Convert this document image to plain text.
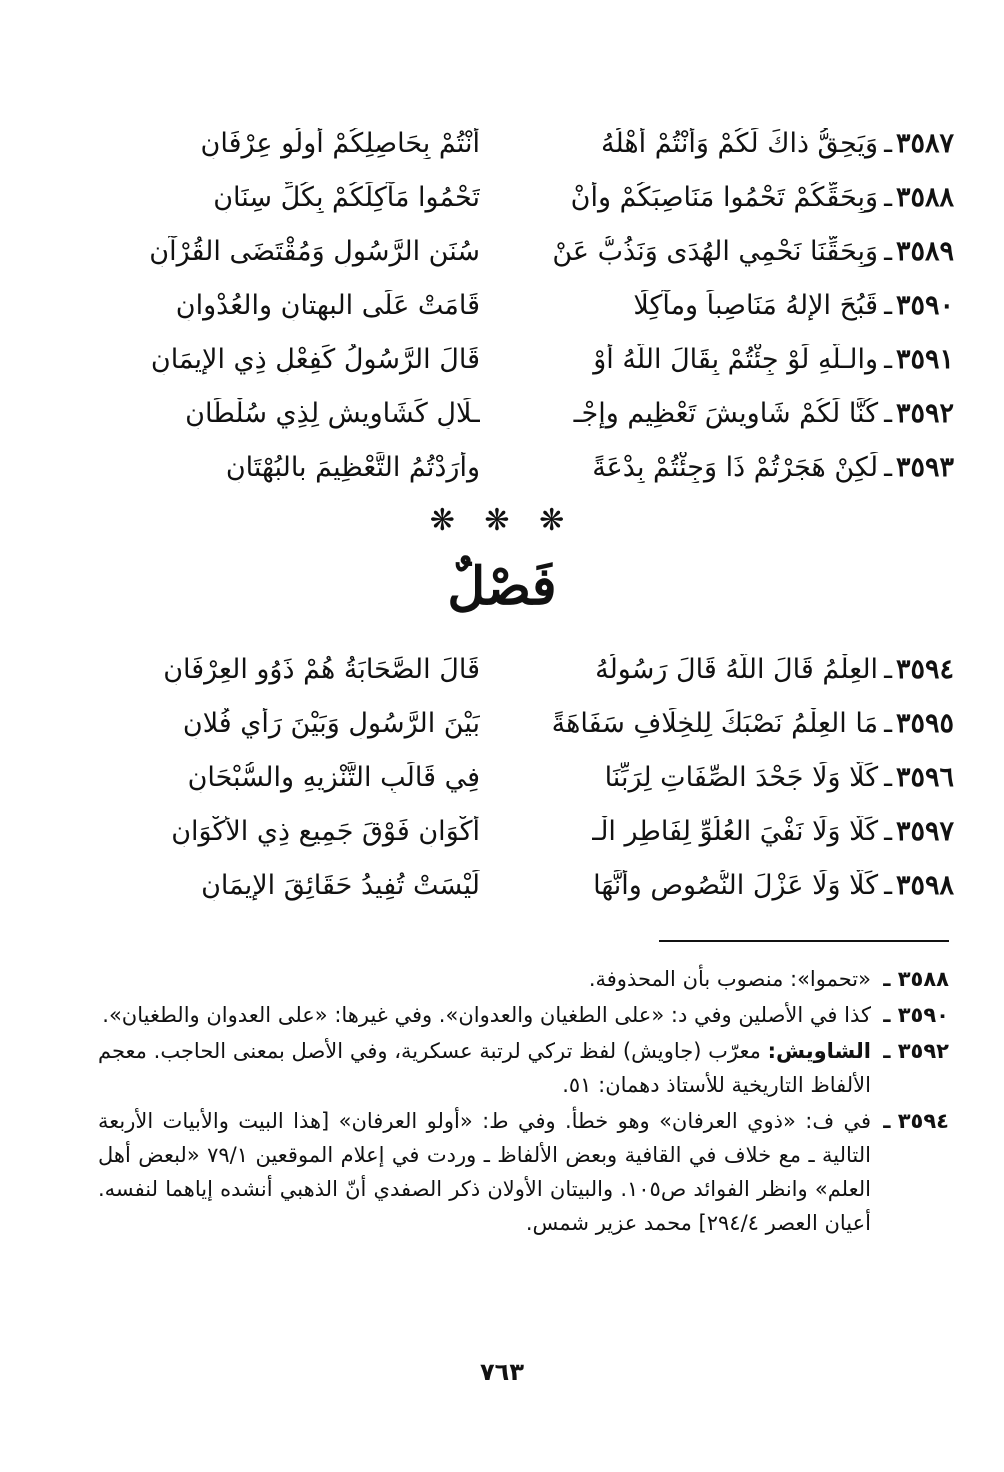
٣٥٨٧
ـ
وَيَحِقُّ ذاكَ لَكُمْ وَأَنْتُمْ أَهْلُهُ
أَنْتُمْ بِحَاصِلِكُمْ أولُو عِرْفَانِ
٣٥٨٨
ـ
وَبِحَقِّكُمْ تَحْمُوا مَنَاصِبَكُمْ وأنْ
تَحْمُوا مَآكِلَكُمْ بِكُلِّ سِنَانِ
٣٥٨٩
ـ
وَبِحَقِّنَا نَحْمِي الهُدَى وَنَذُبُّ عَنْ
سُنَنِ الرَّسُولِ وَمُقْتَضَى القُرْآنِ
٣٥٩٠
ـ
قَبُحَ الإِلهُ مَنَاصِباً ومآكِلًا
قَامَتْ عَلَى البهتانِ والعُدْوانِ
٣٥٩١
ـ
والـلَّهِ لَوْ جِئْتُمْ بِقَالَ اللَّهُ أوْ
قَالَ الرَّسُولُ كَفِعْلِ ذِي الإِيمَانِ
٣٥٩٢
ـ
كُنَّا لَكُمْ شَاوِيشَ تَعْظِيمٍ وإجْـ
ـلَالٍ كَشَاوِيشٍ لِذِي سُلْطَانِ
٣٥٩٣
ـ
لَكِنْ هَجَرْتُمْ ذَا وَجِئْتُمْ بِدْعَةً
وأرَدْتُمُ التَّعْظِيمَ بالبُهْتَانِ
❋ ❋ ❋
فَصْلٌ
٣٥٩٤
ـ
العِلْمُ قَالَ اللَّهُ قَالَ رَسُولُهُ
قَالَ الصَّحَابَةُ هُمْ ذَوُو العِرْفَانِ
٣٥٩٥
ـ
مَا العِلْمُ نَصْبَكَ لِلخِلَافِ سَفَاهَةً
بَيْنَ الرَّسُولِ وَبَيْنَ رَأْيِ فُلانِ
٣٥٩٦
ـ
كَلَّا وَلَا جَحْدَ الصِّفَاتِ لِرَبِّنَا
فِي قَالَبِ التَّنْزِيهِ والسُّبْحَانِ
٣٥٩٧
ـ
كَلَّا وَلَا نَفْيَ العُلُوِّ لِفَاطِرِ الْـ
أكْوَانِ فَوْقَ جَمِيعِ ذِي الأكْوَانِ
٣٥٩٨
ـ
كَلَّا وَلَا عَزْلَ النُّصُوصِ وأَنَّهَا
لَيْسَتْ تُفِيدُ حَقَائِقَ الإِيمَانِ
٣٥٨٨ ـ
«تحموا»: منصوب بأن المحذوفة.
٣٥٩٠ ـ
كذا في الأصلين وفي د: «على الطغيان والعدوان». وفي غيرها: «على العدوان والطغيان».
٣٥٩٢ ـ
الشاويش: معرّب (جاويش) لفظ تركي لرتبة عسكرية، وفي الأصل بمعنى الحاجب. معجم الألفاظ التاريخية للأستاذ دهمان: ٥١.
٣٥٩٤ ـ
في ف: «ذوي العرفان» وهو خطأ. وفي ط: «أولو العرفان» [هذا البيت والأبيات الأربعة التالية ـ مع خلاف في القافية وبعض الألفاظ ـ وردت في إعلام الموقعين ٧٩/١ «لبعض أهل العلم» وانظر الفوائد ص١٠٥. والبيتان الأولان ذكر الصفدي أنّ الذهبي أنشده إياهما لنفسه. أعيان العصر ٢٩٤/٤] محمد عزير شمس.
٧٦٣
